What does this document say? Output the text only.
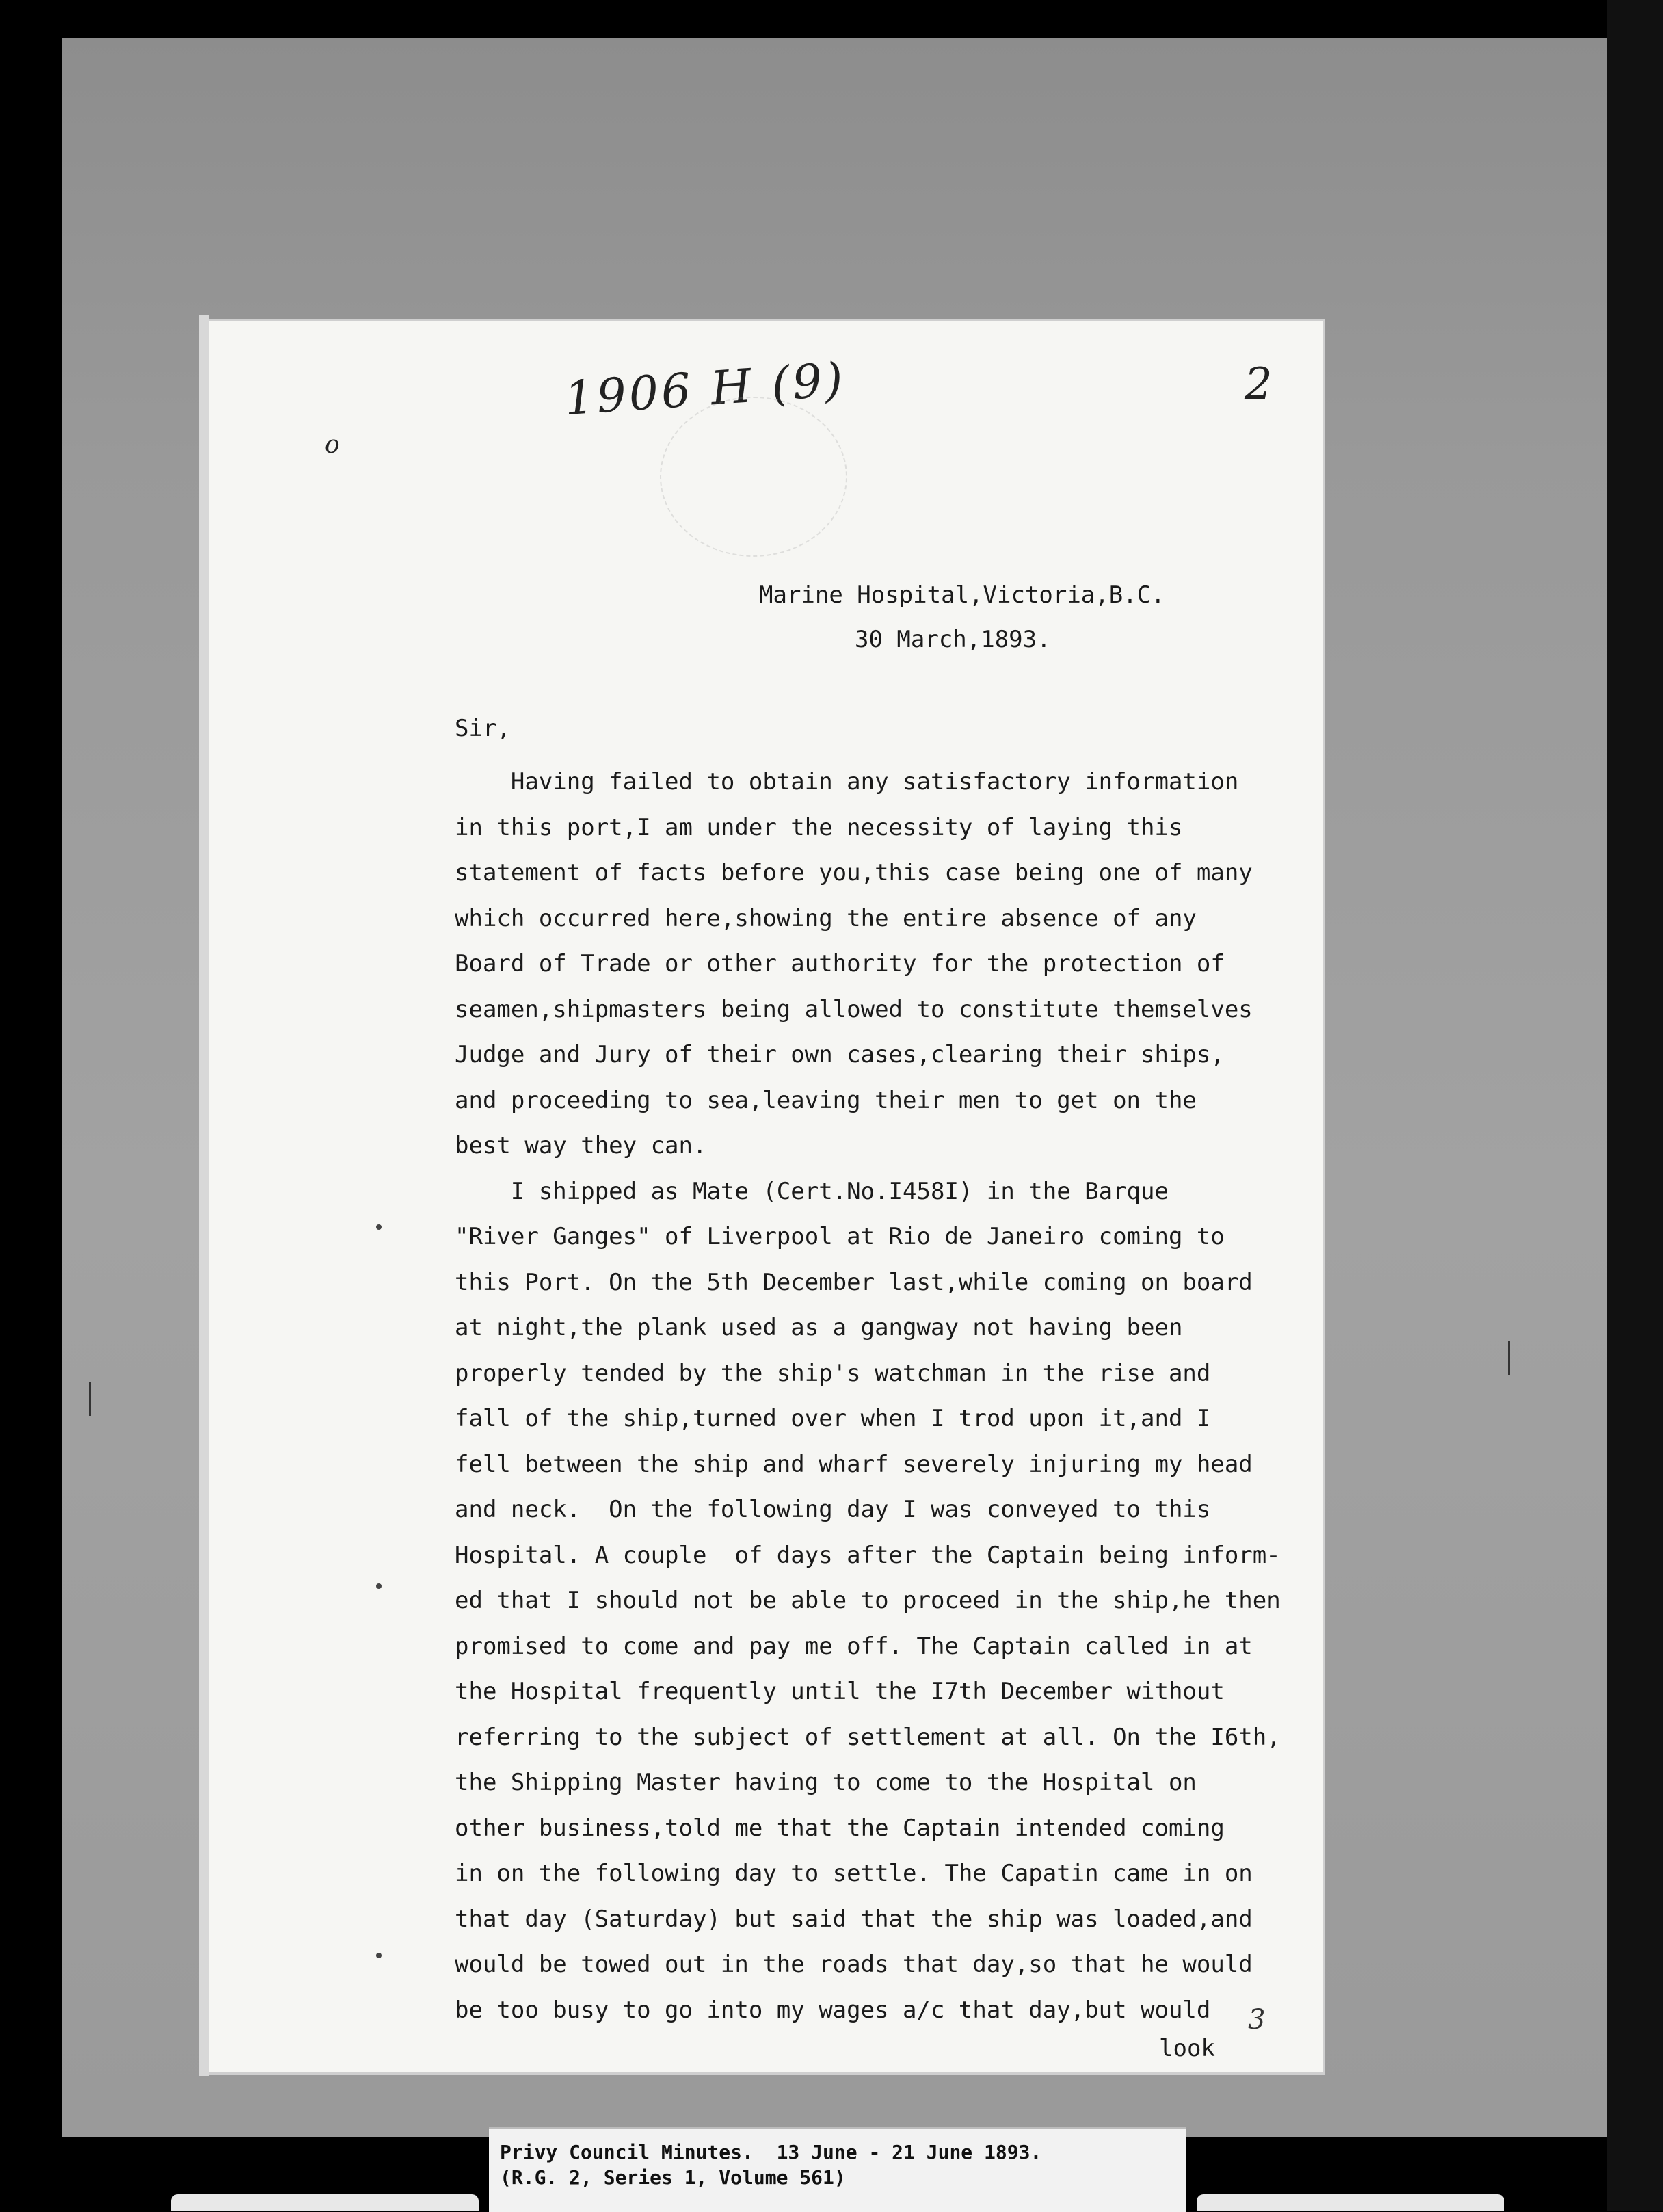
1906 H (9)	2
o
Marine Hospital,Victoria,B.C.
30 March,1893.
Sir,
Having failed to obtain any satisfactory information
in this port,I am under the necessity of laying this
statement of facts before you,this case being one of many
which occurred here,showing the entire absence of any
Board of Trade or other authority for the protection of
seamen,shipmasters being allowed to constitute themselves
Judge and Jury of their own cases,clearing their ships,
and proceeding to sea,leaving their men to get on the
best way they can.
I shipped as Mate (Cert.No.I458I) in the Barque
"River Ganges" of Liverpool at Rio de Janeiro coming to
this Port. On the 5th December last,while coming on board
at night,the plank used as a gangway not having been
properly tended by the ship's watchman in the rise and
fall of the ship,turned over when I trod upon it,and I
fell between the ship and wharf severely injuring my head
and neck.  On the following day I was conveyed to this
Hospital. A couple  of days after the Captain being inform-
ed that I should not be able to proceed in the ship,he then
promised to come and pay me off. The Captain called in at
the Hospital frequently until the I7th December without
referring to the subject of settlement at all. On the I6th,
the Shipping Master having to come to the Hospital on
other business,told me that the Captain intended coming
in on the following day to settle. The Capatin came in on
that day (Saturday) but said that the ship was loaded,and
would be towed out in the roads that day,so that he would
be too busy to go into my wages a/c that day,but would	3
look
Privy Council Minutes.  13 June - 21 June 1893.
(R.G. 2, Series 1, Volume 561)
